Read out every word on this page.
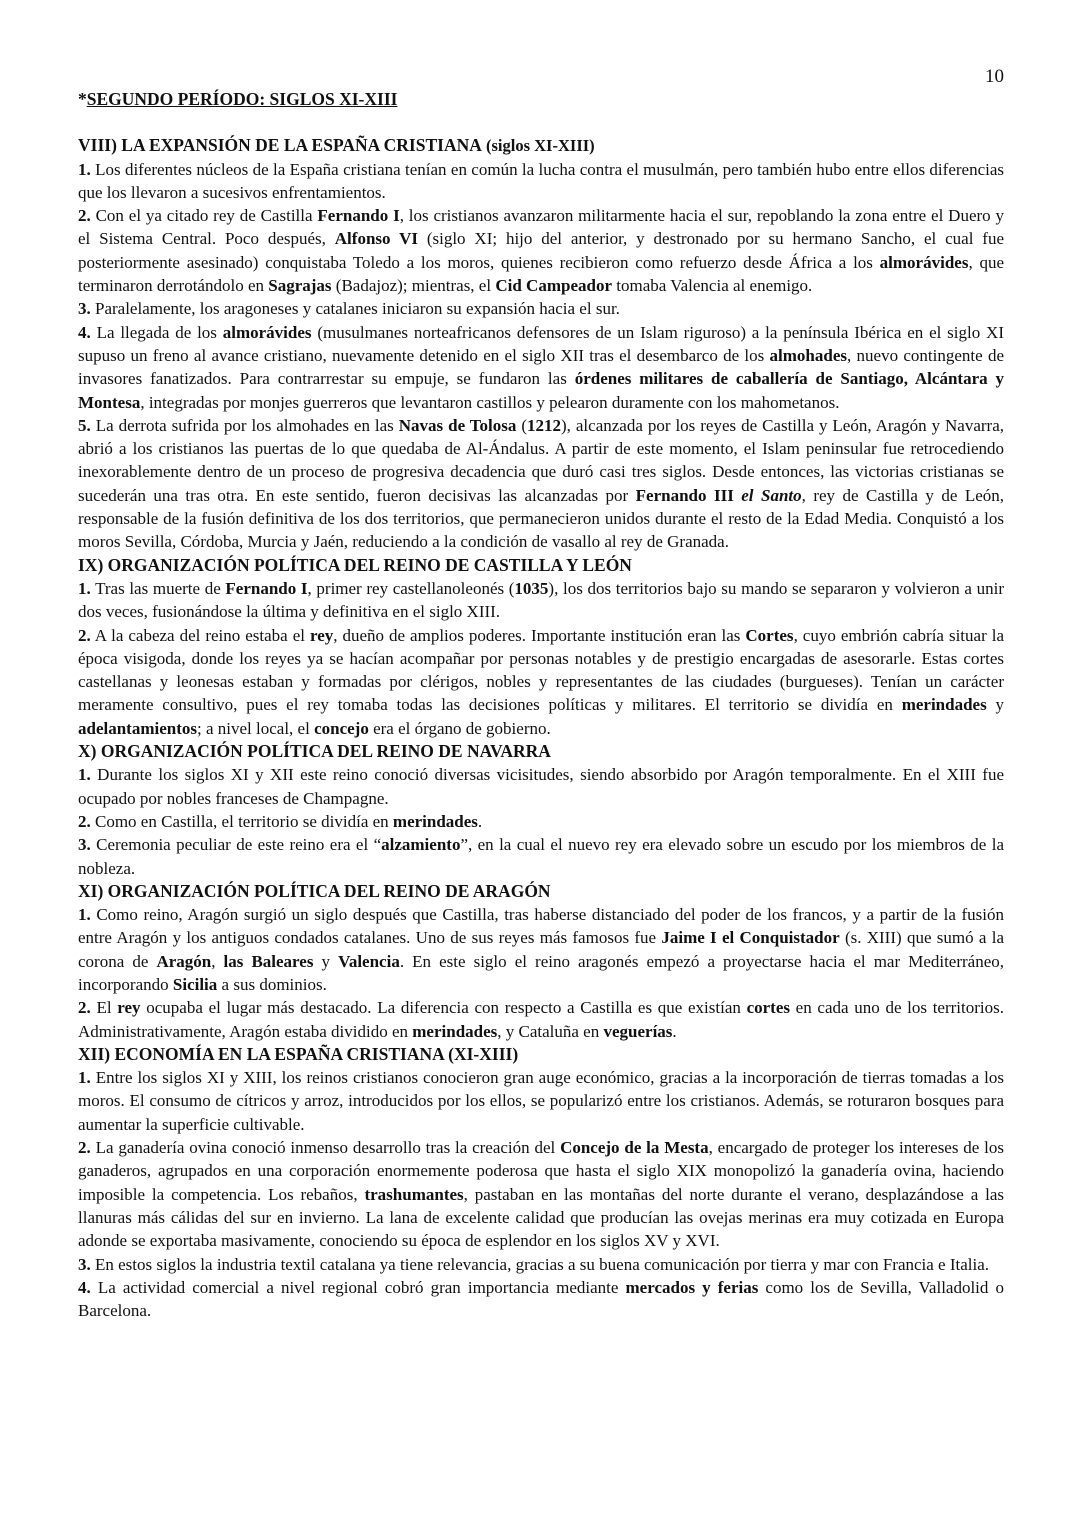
10
*SEGUNDO PERÍODO: SIGLOS XI-XIII
VIII) LA EXPANSIÓN DE LA ESPAÑA CRISTIANA (siglos XI-XIII)

1. Los diferentes núcleos de la España cristiana tenían en común la lucha contra el musulmán, pero también hubo entre ellos diferencias que los llevaron a sucesivos enfrentamientos.

2. Con el ya citado rey de Castilla Fernando I, los cristianos avanzaron militarmente hacia el sur, repoblando la zona entre el Duero y el Sistema Central. Poco después, Alfonso VI (siglo XI; hijo del anterior, y destronado por su hermano Sancho, el cual fue posteriormente asesinado) conquistaba Toledo a los moros, quienes recibieron como refuerzo desde África a los almorávides, que terminaron derrotándolo en Sagrajas (Badajoz); mientras, el Cid Campeador tomaba Valencia al enemigo.

3. Paralelamente, los aragoneses y catalanes iniciaron su expansión hacia el sur.

4. La llegada de los almorávides (musulmanes norteafricanos defensores de un Islam riguroso) a la península Ibérica en el siglo XI supuso un freno al avance cristiano, nuevamente detenido en el siglo XII tras el desembarco de los almohades, nuevo contingente de invasores fanatizados. Para contrarrestar su empuje, se fundaron las órdenes militares de caballería de Santiago, Alcántara y Montesa, integradas por monjes guerreros que levantaron castillos y pelearon duramente con los mahometanos.

5. La derrota sufrida por los almohades en las Navas de Tolosa (1212), alcanzada por los reyes de Castilla y León, Aragón y Navarra, abrió a los cristianos las puertas de lo que quedaba de Al-Ándalus. A partir de este momento, el Islam peninsular fue retrocediendo inexorablemente dentro de un proceso de progresiva decadencia que duró casi tres siglos. Desde entonces, las victorias cristianas se sucederán una tras otra. En este sentido, fueron decisivas las alcanzadas por Fernando III el Santo, rey de Castilla y de León, responsable de la fusión definitiva de los dos territorios, que permanecieron unidos durante el resto de la Edad Media. Conquistó a los moros Sevilla, Córdoba, Murcia y Jaén, reduciendo a la condición de vasallo al rey de Granada.

IX) ORGANIZACIÓN POLÍTICA DEL REINO DE CASTILLA Y LEÓN

1. Tras las muerte de Fernando I, primer rey castellanoleonés (1035), los dos territorios bajo su mando se separaron y volvieron a unir dos veces, fusionándose la última y definitiva en el siglo XIII.

2. A la cabeza del reino estaba el rey, dueño de amplios poderes. Importante institución eran las Cortes, cuyo embrión cabría situar la época visigoda, donde los reyes ya se hacían acompañar por personas notables y de prestigio encargadas de asesorarle. Estas cortes castellanas y leonesas estaban y formadas por clérigos, nobles y representantes de las ciudades (burgueses). Tenían un carácter meramente consultivo, pues el rey tomaba todas las decisiones políticas y militares. El territorio se dividía en merindades y adelantamientos; a nivel local, el concejo era el órgano de gobierno.

X) ORGANIZACIÓN POLÍTICA DEL REINO DE NAVARRA

1. Durante los siglos XI y XII este reino conoció diversas vicisitudes, siendo absorbido por Aragón temporalmente. En el XIII fue ocupado por nobles franceses de Champagne.

2. Como en Castilla, el territorio se dividía en merindades.

3. Ceremonia peculiar de este reino era el “alzamiento”, en la cual el nuevo rey era elevado sobre un escudo por los miembros de la nobleza.

XI) ORGANIZACIÓN POLÍTICA DEL REINO DE ARAGÓN

1. Como reino, Aragón surgió un siglo después que Castilla, tras haberse distanciado del poder de los francos, y a partir de la fusión entre Aragón y los antiguos condados catalanes. Uno de sus reyes más famosos fue Jaime I el Conquistador (s. XIII) que sumó a la corona de Aragón, las Baleares y Valencia. En este siglo el reino aragonés empezó a proyectarse hacia el mar Mediterráneo, incorporando Sicilia a sus dominios.

2. El rey ocupaba el lugar más destacado. La diferencia con respecto a Castilla es que existían cortes en cada uno de los territorios. Administrativamente, Aragón estaba dividido en merindades, y Cataluña en veguerías.

XII) ECONOMÍA EN LA ESPAÑA CRISTIANA (XI-XIII)

1. Entre los siglos XI y XIII, los reinos cristianos conocieron gran auge económico, gracias a la incorporación de tierras tomadas a los moros. El consumo de cítricos y arroz, introducidos por los ellos, se popularizó entre los cristianos. Además, se roturaron bosques para aumentar la superficie cultivable.

2. La ganadería ovina conoció inmenso desarrollo tras la creación del Concejo de la Mesta, encargado de proteger los intereses de los ganaderos, agrupados en una corporación enormemente poderosa que hasta el siglo XIX monopolizó la ganadería ovina, haciendo imposible la competencia. Los rebaños, trashumantes, pastaban en las montañas del norte durante el verano, desplazándose a las llanuras más cálidas del sur en invierno. La lana de excelente calidad que producían las ovejas merinas era muy cotizada en Europa adonde se exportaba masivamente, conociendo su época de esplendor en los siglos XV y XVI.

3. En estos siglos la industria textil catalana ya tiene relevancia, gracias a su buena comunicación por tierra y mar con Francia e Italia.

4. La actividad comercial a nivel regional cobró gran importancia mediante mercados y ferias como los de Sevilla, Valladolid o Barcelona.
